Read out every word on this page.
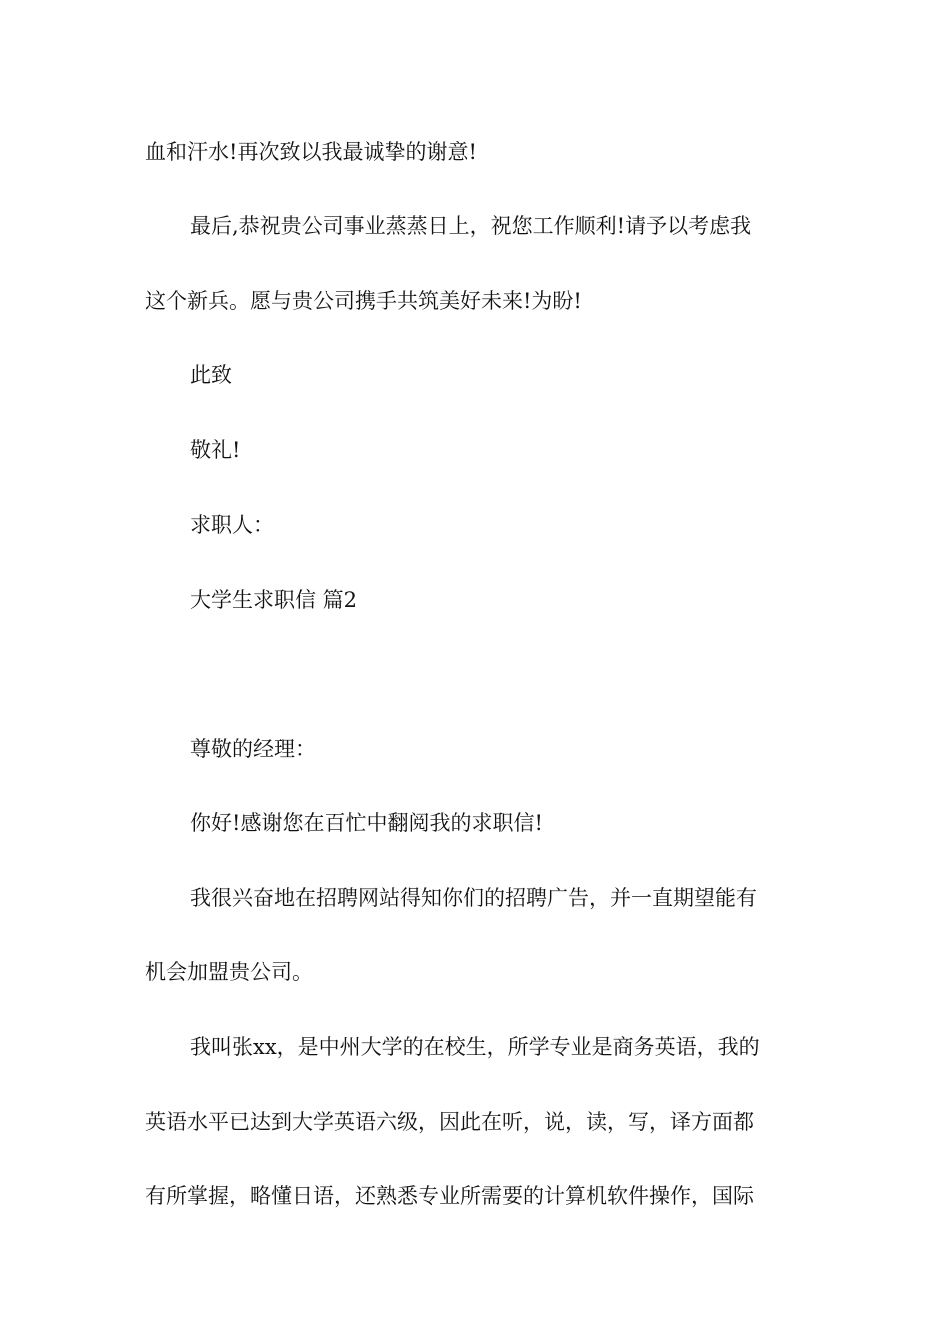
血和汗水!再次致以我最诚挚的谢意!
最后,恭祝贵公司事业蒸蒸日上，祝您工作顺利!请予以考虑我
这个新兵。愿与贵公司携手共筑美好未来!为盼!
此致
敬礼!
求职人：
大学生求职信 篇2
尊敬的经理：
你好!感谢您在百忙中翻阅我的求职信!
我很兴奋地在招聘网站得知你们的招聘广告，并一直期望能有
机会加盟贵公司。
我叫张xx，是中州大学的在校生，所学专业是商务英语，我的
英语水平已达到大学英语六级，因此在听，说，读，写，译方面都
有所掌握，略懂日语，还熟悉专业所需要的计算机软件操作，国际
